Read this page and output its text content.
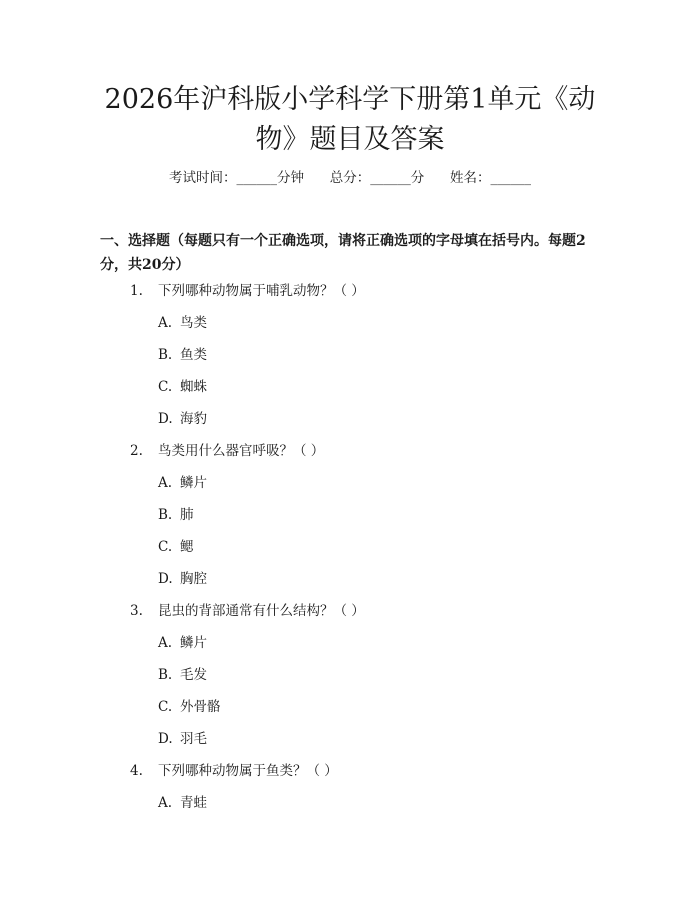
2026年沪科版小学科学下册第1单元《动物》题目及答案
考试时间：______分钟 总分：______分 姓名：______
一、选择题（每题只有一个正确选项，请将正确选项的字母填在括号内。每题2分，共20分）
1. 下列哪种动物属于哺乳动物？（ ）
A. 鸟类
B. 鱼类
C. 蜘蛛
D. 海豹
2. 鸟类用什么器官呼吸？（ ）
A. 鳞片
B. 肺
C. 鳃
D. 胸腔
3. 昆虫的背部通常有什么结构？（ ）
A. 鳞片
B. 毛发
C. 外骨骼
D. 羽毛
4. 下列哪种动物属于鱼类？（ ）
A. 青蛙
